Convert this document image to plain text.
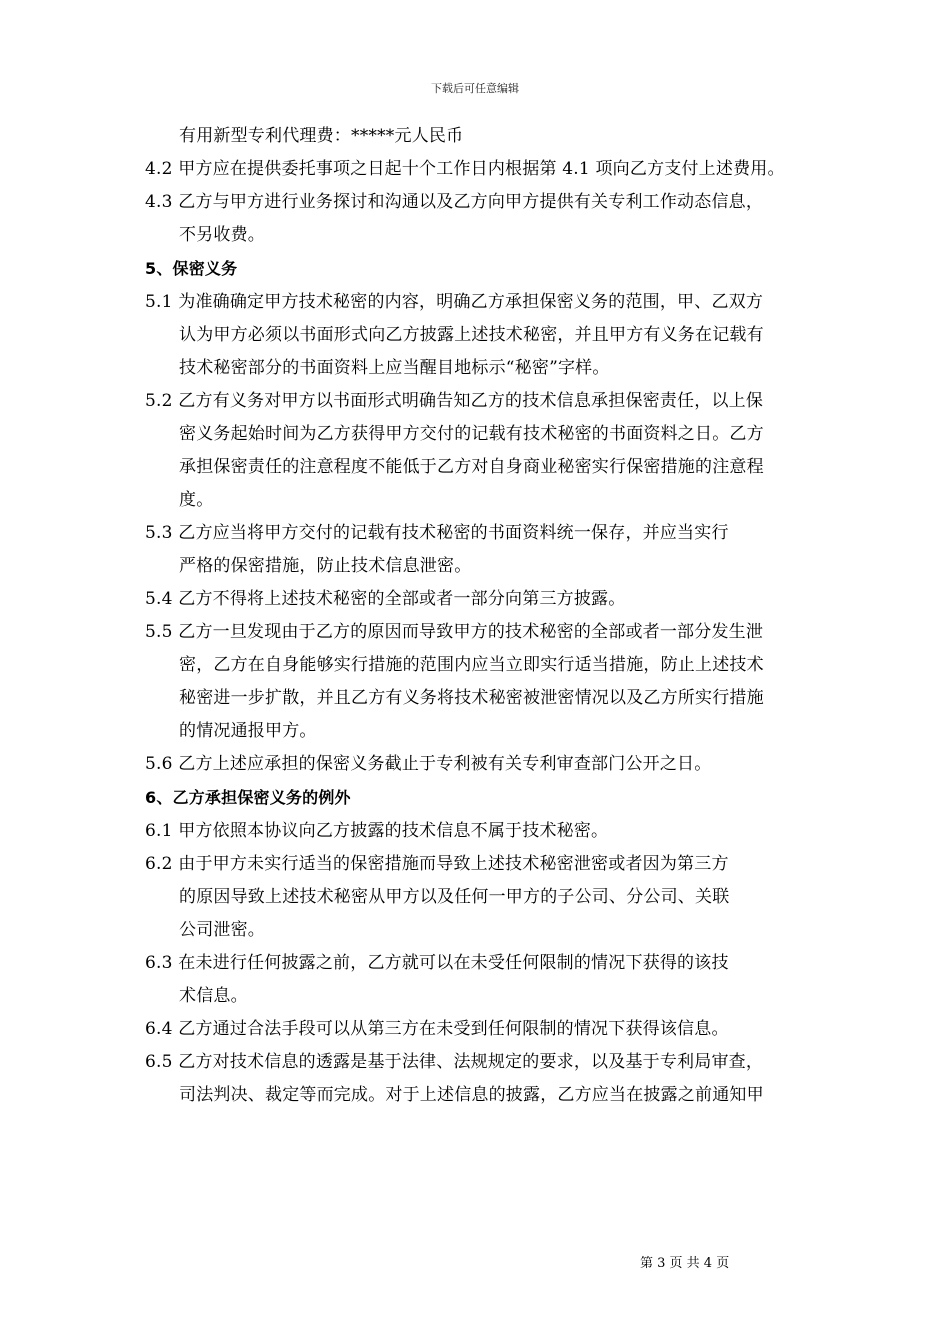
下载后可任意编辑
有用新型专利代理费：*****元人民币
4.2 甲方应在提供委托事项之日起十个工作日内根据第 4.1 项向乙方支付上述费用。
4.3 乙方与甲方进行业务探讨和沟通以及乙方向甲方提供有关专利工作动态信息，
不另收费。
5、保密义务
5.1 为准确确定甲方技术秘密的内容，明确乙方承担保密义务的范围，甲、乙双方
认为甲方必须以书面形式向乙方披露上述技术秘密，并且甲方有义务在记载有
技术秘密部分的书面资料上应当醒目地标示“秘密”字样。
5.2 乙方有义务对甲方以书面形式明确告知乙方的技术信息承担保密责任，以上保
密义务起始时间为乙方获得甲方交付的记载有技术秘密的书面资料之日。乙方
承担保密责任的注意程度不能低于乙方对自身商业秘密实行保密措施的注意程
度。
5.3 乙方应当将甲方交付的记载有技术秘密的书面资料统一保存，并应当实行
严格的保密措施，防止技术信息泄密。
5.4 乙方不得将上述技术秘密的全部或者一部分向第三方披露。
5.5 乙方一旦发现由于乙方的原因而导致甲方的技术秘密的全部或者一部分发生泄
密，乙方在自身能够实行措施的范围内应当立即实行适当措施，防止上述技术
秘密进一步扩散，并且乙方有义务将技术秘密被泄密情况以及乙方所实行措施
的情况通报甲方。
5.6 乙方上述应承担的保密义务截止于专利被有关专利审查部门公开之日。
6、乙方承担保密义务的例外
6.1 甲方依照本协议向乙方披露的技术信息不属于技术秘密。
6.2 由于甲方未实行适当的保密措施而导致上述技术秘密泄密或者因为第三方
的原因导致上述技术秘密从甲方以及任何一甲方的子公司、分公司、关联
公司泄密。
6.3 在未进行任何披露之前，乙方就可以在未受任何限制的情况下获得的该技
术信息。
6.4 乙方通过合法手段可以从第三方在未受到任何限制的情况下获得该信息。
6.5 乙方对技术信息的透露是基于法律、法规规定的要求，以及基于专利局审查，
司法判决、裁定等而完成。对于上述信息的披露，乙方应当在披露之前通知甲
第 3 页 共 4 页
